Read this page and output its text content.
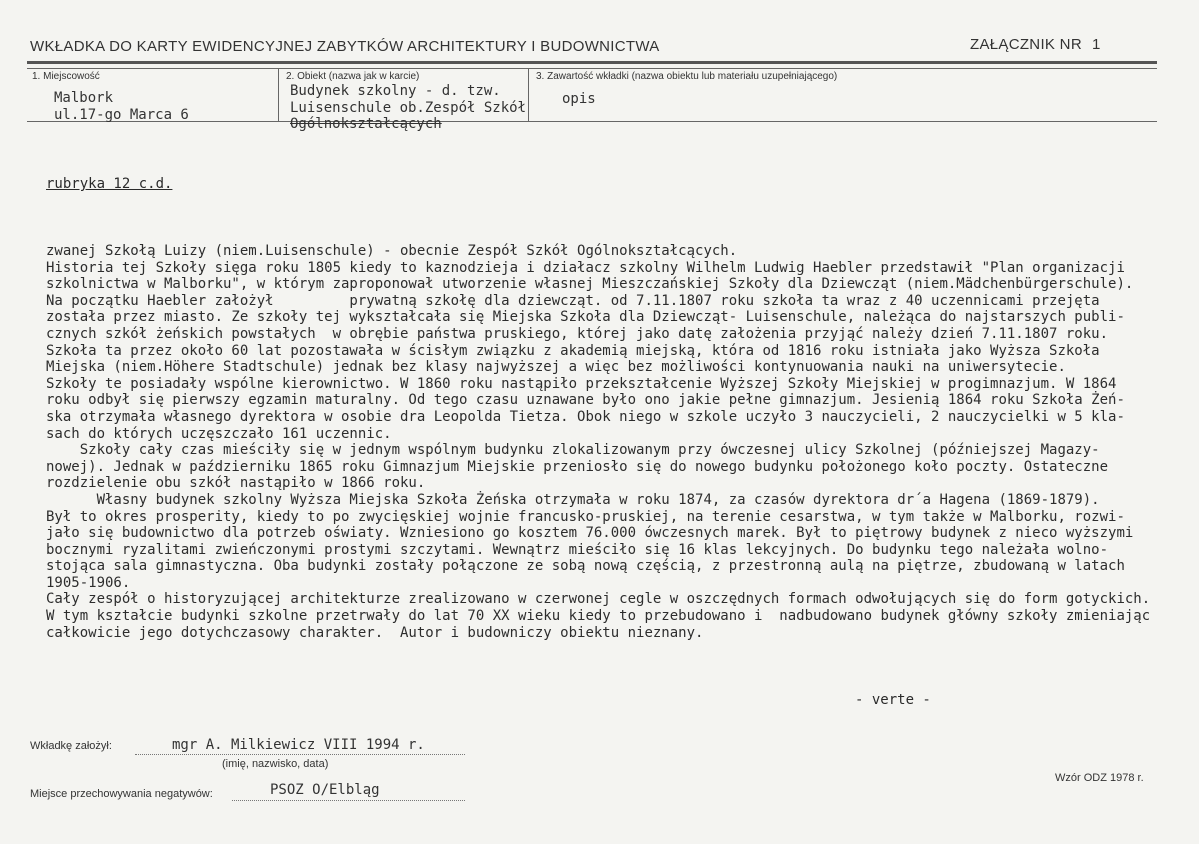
WKŁADKA DO KARTY EWIDENCYJNEJ ZABYTKÓW ARCHITEKTURY I BUDOWNICTWA	ZAŁĄCZNIK NR 1
1. Miejscowość
Malbork
ul.17-go Marca 6
2. Obiekt (nazwa jak w karcie)
Budynek szkolny - d. tzw.
Luisenschule ob.Zespół Szkół
Ogólnokształcących
3. Zawartość wkładki (nazwa obiektu lub materiału uzupełniającego)
opis
rubryka 12 c.d.

zwanej Szkołą Luizy (niem.Luisenschule) - obecnie Zespół Szkół Ogólnokształcących.

Historia tej Szkoły sięga roku 1805 kiedy to kaznodzieja i działacz szkolny Wilhelm Ludwig Haebler przedstawił "Plan organizacji

szkolnictwa w Malborku", w którym zaproponował utworzenie własnej Mieszczańskiej Szkoły dla Dziewcząt (niem.Mädchenbürgerschule).

Na początku Haebler założył         prywatną szkołę dla dziewcząt. od 7.11.1807 roku szkoła ta wraz z 40 uczennicami przejęta

została przez miasto. Ze szkoły tej wykształcała się Miejska Szkoła dla Dziewcząt- Luisenschule, należąca do najstarszych publi-

cznych szkół żeńskich powstałych  w obrębie państwa pruskiego, której jako datę założenia przyjąć należy dzień 7.11.1807 roku.

Szkoła ta przez około 60 lat pozostawała w ścisłym związku z akademią miejską, która od 1816 roku istniała jako Wyższa Szkoła

Miejska (niem.Höhere Stadtschule) jednak bez klasy najwyższej a więc bez możliwości kontynuowania nauki na uniwersytecie.

Szkoły te posiadały wspólne kierownictwo. W 1860 roku nastąpiło przekształcenie Wyższej Szkoły Miejskiej w progimnazjum. W 1864

roku odbył się pierwszy egzamin maturalny. Od tego czasu uznawane było ono jakie pełne gimnazjum. Jesienią 1864 roku Szkoła Żeń-

ska otrzymała własnego dyrektora w osobie dra Leopolda Tietza. Obok niego w szkole uczyło 3 nauczycieli, 2 nauczycielki w 5 kla-

sach do których uczęszczało 161 uczennic.

Szkoły cały czas mieściły się w jednym wspólnym budynku zlokalizowanym przy ówczesnej ulicy Szkolnej (późniejszej Magazy-

nowej). Jednak w październiku 1865 roku Gimnazjum Miejskie przeniosło się do nowego budynku położonego koło poczty. Ostateczne

rozdzielenie obu szkół nastąpiło w 1866 roku.

Własny budynek szkolny Wyższa Miejska Szkoła Żeńska otrzymała w roku 1874, za czasów dyrektora dr´a Hagena (1869-1879).

Był to okres prosperity, kiedy to po zwycięskiej wojnie francusko-pruskiej, na terenie cesarstwa, w tym także w Malborku, rozwi-

jało się budownictwo dla potrzeb oświaty. Wzniesiono go kosztem 76.000 ówczesnych marek. Był to piętrowy budynek z nieco wyższymi

bocznymi ryzalitami zwieńczonymi prostymi szczytami. Wewnątrz mieściło się 16 klas lekcyjnych. Do budynku tego należała wolno-

stojąca sala gimnastyczna. Oba budynki zostały połączone ze sobą nową częścią, z przestronną aulą na piętrze, zbudowaną w latach

1905-1906.

Cały zespół o historyzującej architekturze zrealizowano w czerwonej cegle w oszczędnych formach odwołujących się do form gotyckich.

W tym kształcie budynki szkolne przetrwały do lat 70 XX wieku kiedy to przebudowano i  nadbudowano budynek główny szkoły zmieniając

całkowicie jego dotychczasowy charakter.  Autor i budowniczy obiektu nieznany.

- verte -
Wkładkę założył:	mgr A. Milkiewicz VIII 1994 r.
(imię, nazwisko, data)
Miejsce przechowywania negatywów:	PSOZ O/Elbląg
Wzór ODZ 1978 r.
